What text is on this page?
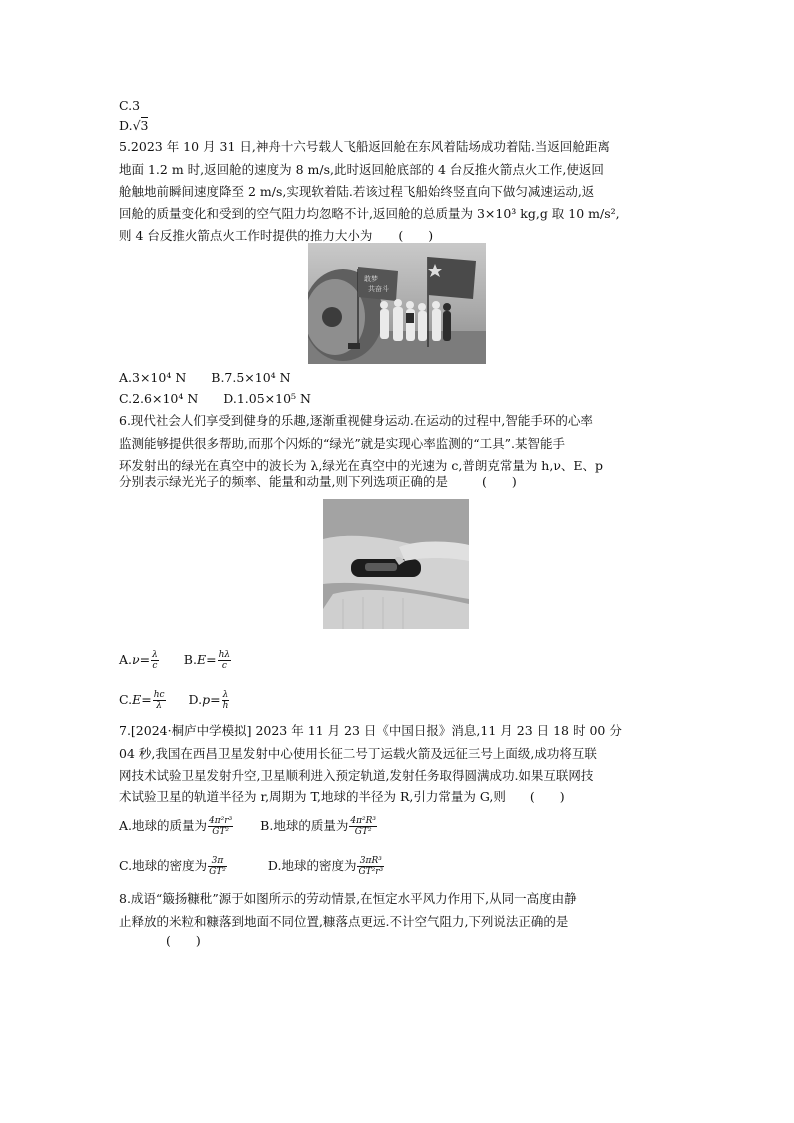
C.3
D.√3
5.2023 年 10 月 31 日,神舟十六号载人飞船返回舱在东风着陆场成功着陆.当返回舱距离
地面 1.2 m 时,返回舱的速度为 8 m/s,此时返回舱底部的 4 台反推火箭点火工作,使返回
舱触地前瞬间速度降至 2 m/s,实现软着陆.若该过程飞船始终竖直向下做匀减速运动,返
回舱的质量变化和受到的空气阻力均忽略不计,返回舱的总质量为 3×10³ kg,g 取 10 m/s²,
则 4 台反推火箭点火工作时提供的推力大小为 (　　)
敢梦
共奋斗
A.3×10⁴ N　　B.7.5×10⁴ N
C.2.6×10⁴ N　　D.1.05×10⁵ N
6.现代社会人们享受到健身的乐趣,逐渐重视健身运动.在运动的过程中,智能手环的心率
监测能够提供很多帮助,而那个闪烁的“绿光”就是实现心率监测的“工具”.某智能手
环发射出的绿光在真空中的波长为 λ,绿光在真空中的光速为 c,普朗克常量为 h,ν、E、p
分别表示绿光光子的频率、能量和动量,则下列选项正确的是	(　　)
$A.\nu= \frac{\lambda}{c} B.E= \frac{h\lambda}{c}$
$C.E= \frac{hc}{\lambda} D.p= \frac{\lambda}{h}$
7.[2024·桐庐中学模拟] 2023 年 11 月 23 日《中国日报》消息,11 月 23 日 18 时 00 分
04 秒,我国在西昌卫星发射中心使用长征二号丁运载火箭及远征三号上面级,成功将互联
网技术试验卫星发射升空,卫星顺利进入预定轨道,发射任务取得圆满成功.如果互联网技
术试验卫星的轨道半径为 r,周期为 T,地球的半径为 R,引力常量为 G,则 (　　)
A.地球的质量为 $\frac{\text{4π²r³}}{\text{GT²}} B$.地球的质量为 $\frac{\text{4π²R³}}{\text{GT²}}$
C.地球的密度为 $\frac{3\pi}{\text{GT²}}$	D.地球的密度为 $\frac{\text{3πR³}}{\text{GT²r³}}$
8.成语“簸扬糠秕”源于如图所示的劳动情景,在恒定水平风力作用下,从同一高度由静
止释放的米粒和糠落到地面不同位置,糠落点更远.不计空气阻力,下列说法正确的是
(　　)
